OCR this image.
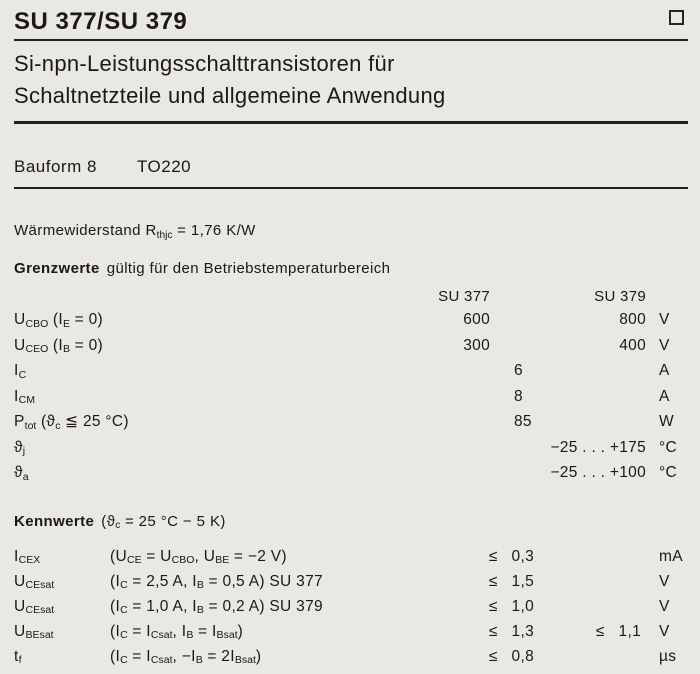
SU 377/SU 379
Si-npn-Leistungsschalttransistoren für
Schaltnetzteile und allgemeine Anwendung
Bauform 8 TO220
Wärmewiderstand $R_{thjc} = 1,76$ K/W
Grenzwerte gültig für den Betriebstemperaturbereich
SU 377	SU 379
$U_{CBO}$ $(I_E = 0)$	600	800 V
$U_{CEO}$ $(I_B = 0)$	300	400 V
$I_C$	6	A
$I_{CM}$	8	A
$P_{tot}$ ($ϑ_c$ ≦ 25 °C)	85	W
$ϑ_j$	−25 . . . +175 °C
$ϑ_a$	−25 . . . +100 °C
Kennwerte ($ϑ_c = 25$ °C − 5 K)
$I_{CEX}$	($U_{CE} = U_{CBO}$, $U_{BE} = -2$ V)	≤   0,3	mA
$U_{CEsat}$	($I_C = 2,5$ A, $I_B = 0,5$ A) SU 377	≤   1,5	V
$U_{CEsat}$	($I_C = 1,0$ A, $I_B = 0,2$ A) SU 379	≤   1,0	V
$U_{BEsat}$	($I_C = I_{Csat}$, $I_B = I_{Bsat}$)	≤   1,3	≤   1,1	V
$t_f$	($I_C = I_{Csat}$, $-I_B = 2I_{Bsat}$)	≤   0,8	µs
